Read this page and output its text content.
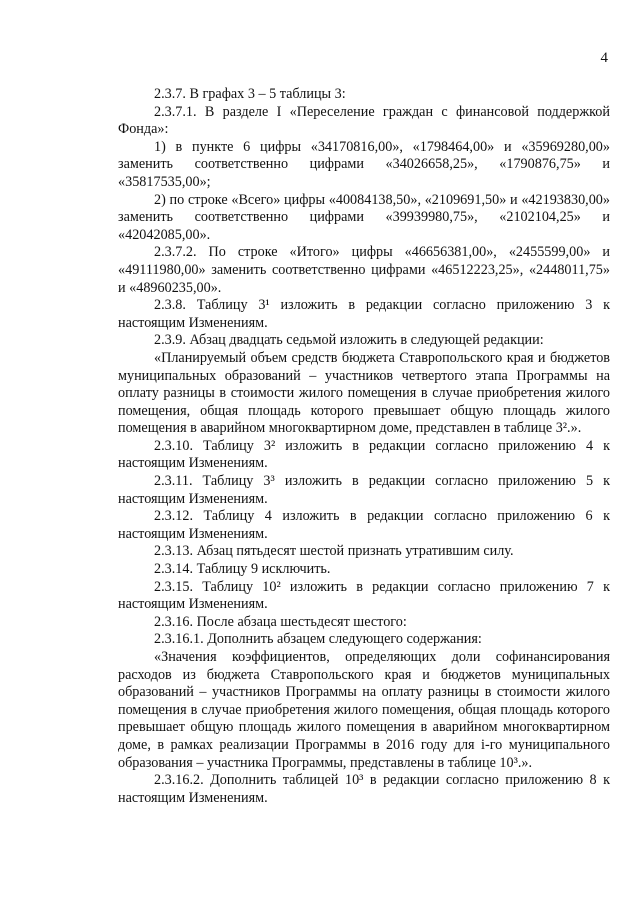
4

2.3.7. В графах 3 – 5 таблицы 3:

2.3.7.1. В разделе I «Переселение граждан с финансовой поддержкой Фонда»:

1) в пункте 6 цифры «34170816,00», «1798464,00» и «35969280,00» заменить соответственно цифрами «34026658,25», «1790876,75» и «35817535,00»;

2) по строке «Всего» цифры «40084138,50», «2109691,50» и «42193830,00» заменить соответственно цифрами «39939980,75», «2102104,25» и «42042085,00».

2.3.7.2. По строке «Итого» цифры «46656381,00», «2455599,00» и «49111980,00» заменить соответственно цифрами «46512223,25», «2448011,75» и «48960235,00».

2.3.8. Таблицу 3¹ изложить в редакции согласно приложению 3 к настоящим Изменениям.

2.3.9. Абзац двадцать седьмой изложить в следующей редакции:

«Планируемый объем средств бюджета Ставропольского края и бюджетов муниципальных образований – участников четвертого этапа Программы на оплату разницы в стоимости жилого помещения в случае приобретения жилого помещения, общая площадь которого превышает общую площадь жилого помещения в аварийном многоквартирном доме, представлен в таблице 3².».

2.3.10. Таблицу 3² изложить в редакции согласно приложению 4 к настоящим Изменениям.

2.3.11. Таблицу 3³ изложить в редакции согласно приложению 5 к настоящим Изменениям.

2.3.12. Таблицу 4 изложить в редакции согласно приложению 6 к настоящим Изменениям.

2.3.13. Абзац пятьдесят шестой признать утратившим силу.

2.3.14. Таблицу 9 исключить.

2.3.15. Таблицу 10² изложить в редакции согласно приложению 7 к настоящим Изменениям.

2.3.16. После абзаца шестьдесят шестого:

2.3.16.1. Дополнить абзацем следующего содержания:

«Значения коэффициентов, определяющих доли софинансирования расходов из бюджета Ставропольского края и бюджетов муниципальных образований – участников Программы на оплату разницы в стоимости жилого помещения в случае приобретения жилого помещения, общая площадь которого превышает общую площадь жилого помещения в аварийном многоквартирном доме, в рамках реализации Программы в 2016 году для i-го муниципального образования – участника Программы, представлены в таблице 10³.».

2.3.16.2. Дополнить таблицей 10³ в редакции согласно приложению 8 к настоящим Изменениям.
